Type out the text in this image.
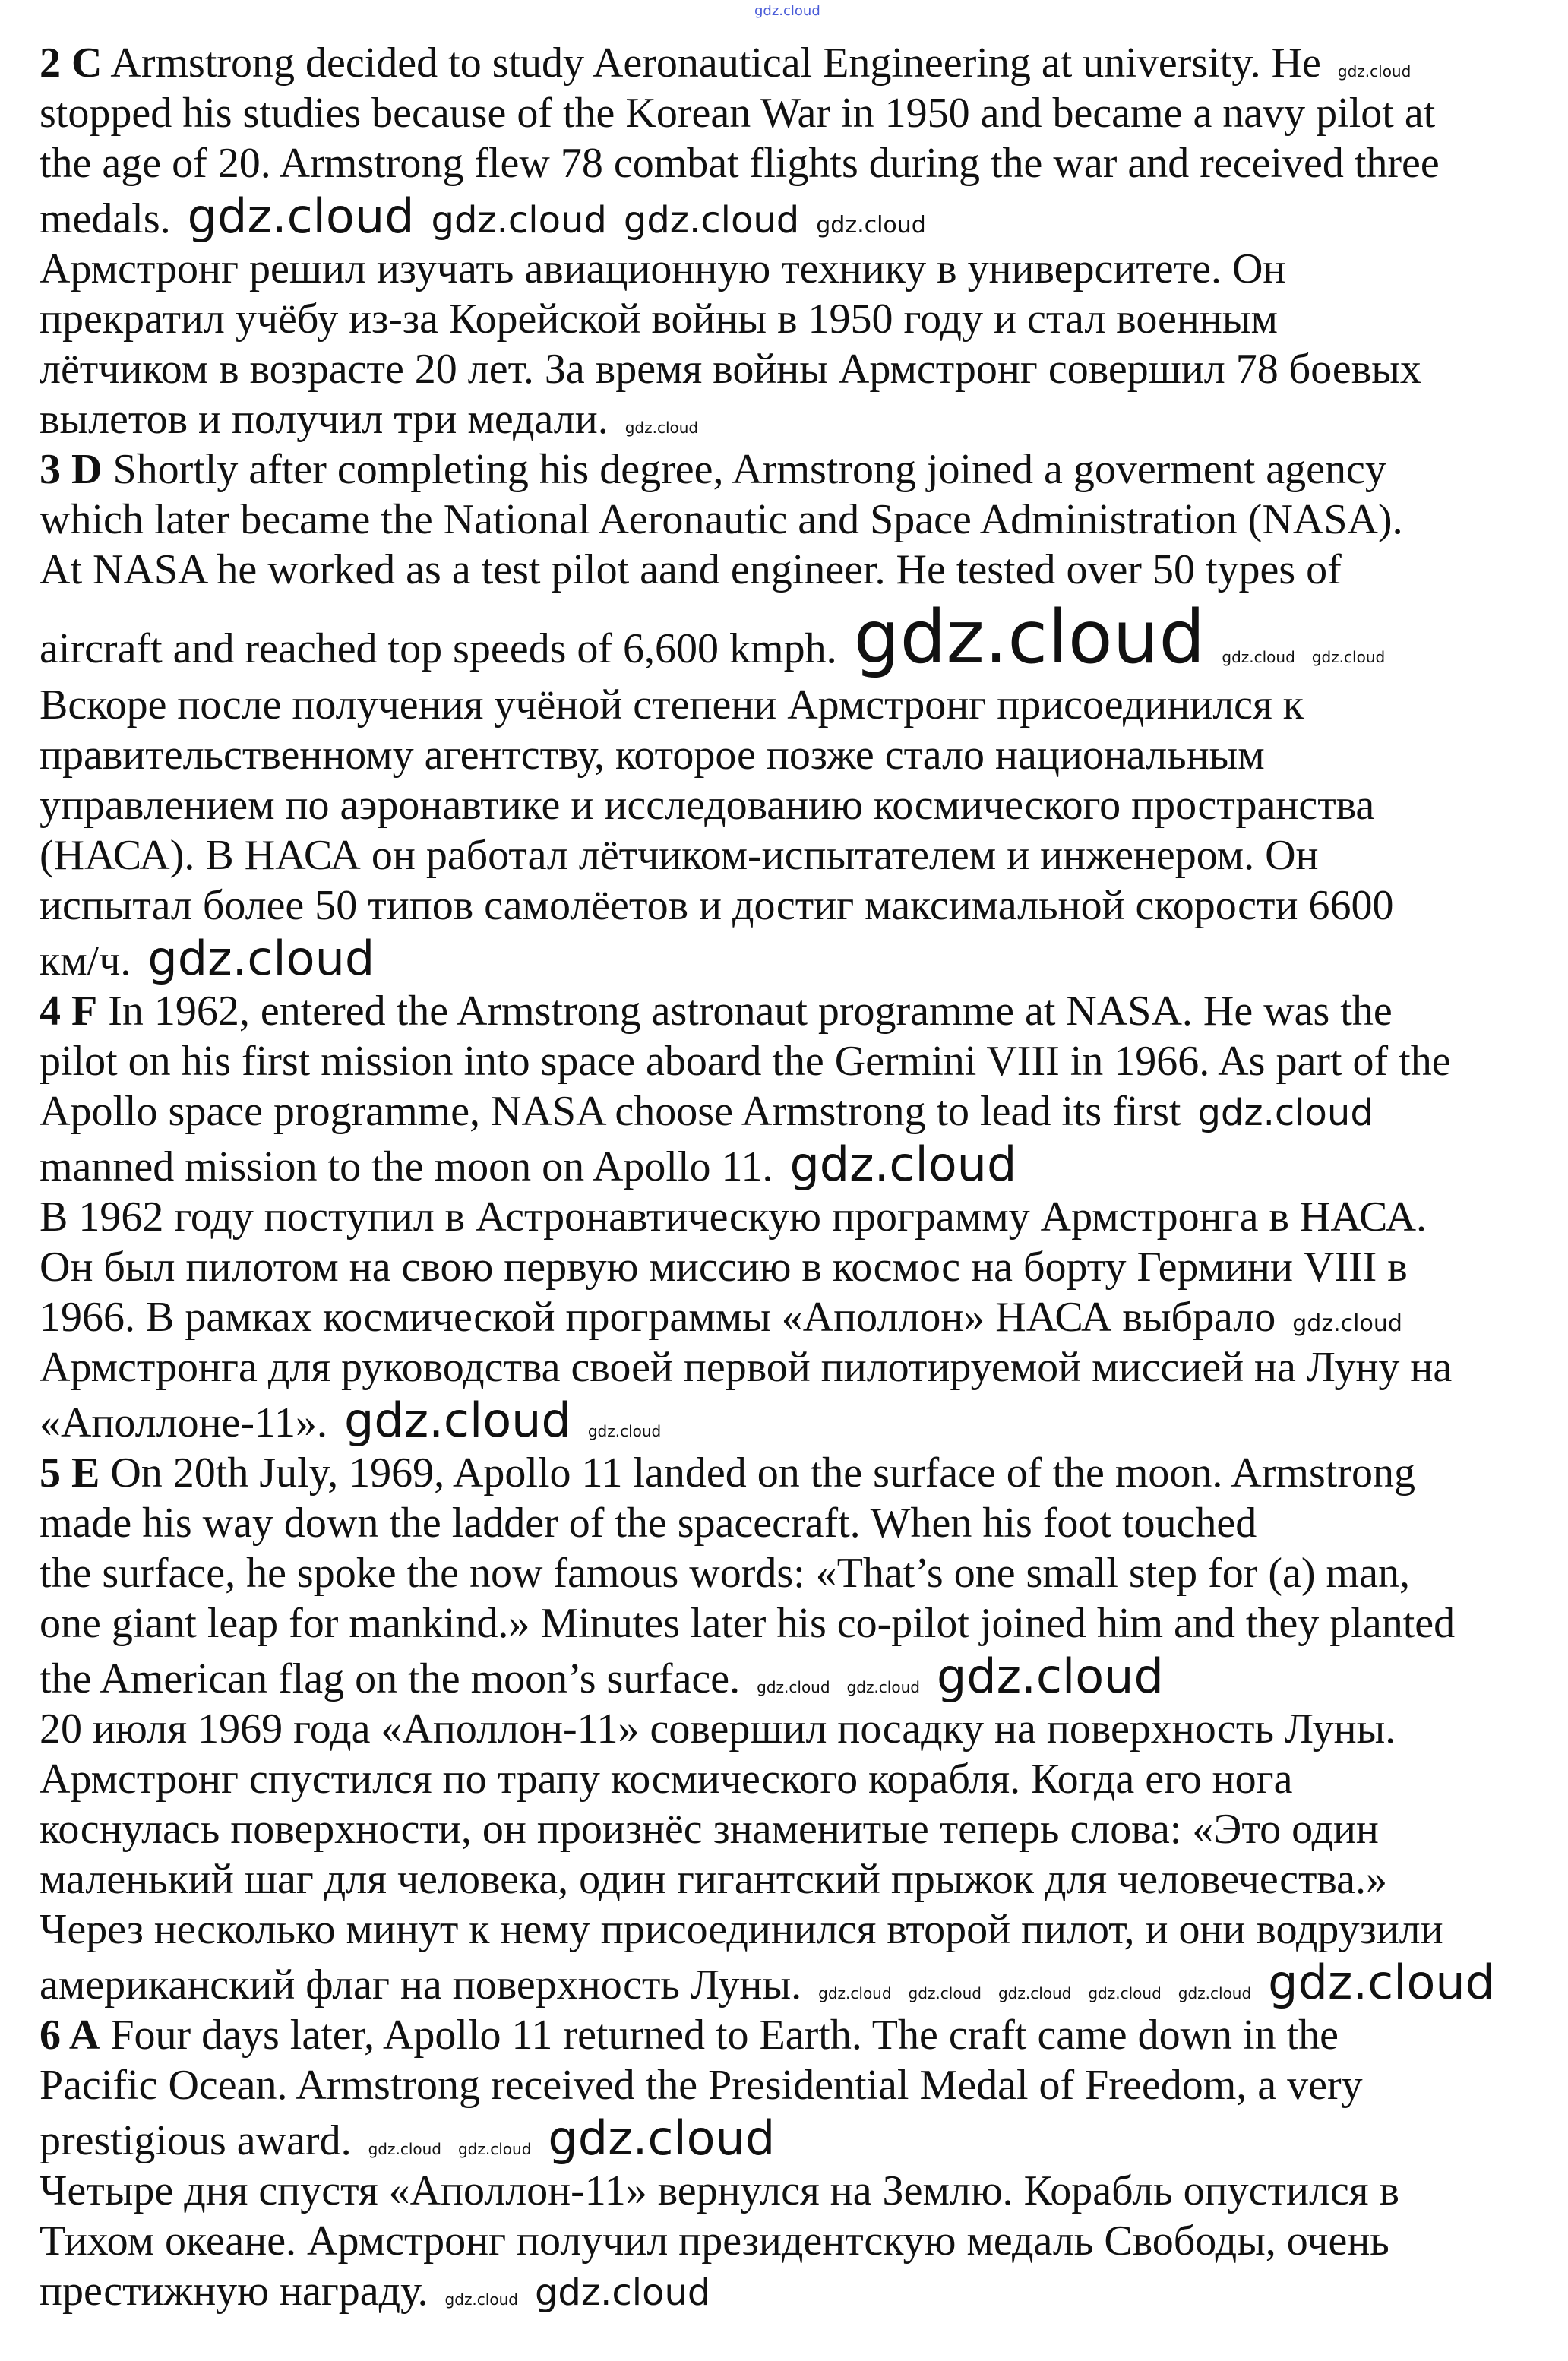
gdz.cloud
2 C Armstrong decided to study Aeronautical Engineering at university. He gdz.cloud
stopped his studies because of the Korean War in 1950 and became a navy pilot at
the age of 20. Armstrong flew 78 combat flights during the war and received three
medals. gdz.cloud gdz.cloud gdz.cloud gdz.cloud
Армстронг решил изучать авиационную технику в университете. Он
прекратил учёбу из-за Корейской войны в 1950 году и стал военным
лётчиком в возрасте 20 лет. За время войны Армстронг совершил 78 боевых
вылетов и получил три медали. gdz.cloud
3 D Shortly after completing his degree, Armstrong joined a goverment agency
which later became the National Aeronautic and Space Administration (NASA).
At NASA he worked as a test pilot aand engineer. He tested over 50 types of
aircraft and reached top speeds of 6,600 kmph. gdz.cloud gdz.cloud gdz.cloud
Вскоре после получения учёной степени Армстронг присоединился к
правительственному агентству, которое позже стало национальным
управлением по аэронавтике и исследованию космического пространства
(НАСА). В НАСА он работал лётчиком-испытателем и инженером. Он
испытал более 50 типов самолёетов и достиг максимальной скорости 6600
км/ч. gdz.cloud
4 F In 1962, entered the Armstrong astronaut programme at NASA. He was the
pilot on his first mission into space aboard the Germini VIII in 1966. As part of the
Apollo space programme, NASA choose Armstrong to lead its first gdz.cloud
manned mission to the moon on Apollo 11. gdz.cloud
В 1962 году поступил в Астронавтическую программу Армстронга в НАСА.
Он был пилотом на свою первую миссию в космос на борту Гермини VIII в
1966. В рамках космической программы «Аполлон» НАСА выбрало gdz.cloud
Армстронга для руководства своей первой пилотируемой миссией на Луну на
«Аполлоне-11». gdz.cloud gdz.cloud
5 E On 20th July, 1969, Apollo 11 landed on the surface of the moon. Armstrong
made his way down the ladder of the spacecraft. When his foot touched
the surface, he spoke the now famous words: «That’s one small step for (a) man,
one giant leap for mankind.» Minutes later his co-pilot joined him and they planted
the American flag on the moon’s surface. gdz.cloud gdz.cloud gdz.cloud
20 июля 1969 года «Аполлон-11» совершил посадку на поверхность Луны.
Армстронг спустился по трапу космического корабля. Когда его нога
коснулась поверхности, он произнёс знаменитые теперь слова: «Это один
маленький шаг для человека, один гигантский прыжок для человечества.»
Через несколько минут к нему присоединился второй пилот, и они водрузили
американский флаг на поверхность Луны. gdz.cloud gdz.cloud gdz.cloud gdz.cloud gdz.cloud gdz.cloud
6 A Four days later, Apollo 11 returned to Earth. The craft came down in the
Pacific Ocean. Armstrong received the Presidential Medal of Freedom, a very
prestigious award. gdz.cloud gdz.cloud gdz.cloud
Четыре дня спустя «Аполлон-11» вернулся на Землю. Корабль опустился в
Тихом океане. Армстронг получил президентскую медаль Свободы, очень
престижную награду. gdz.cloud gdz.cloud
